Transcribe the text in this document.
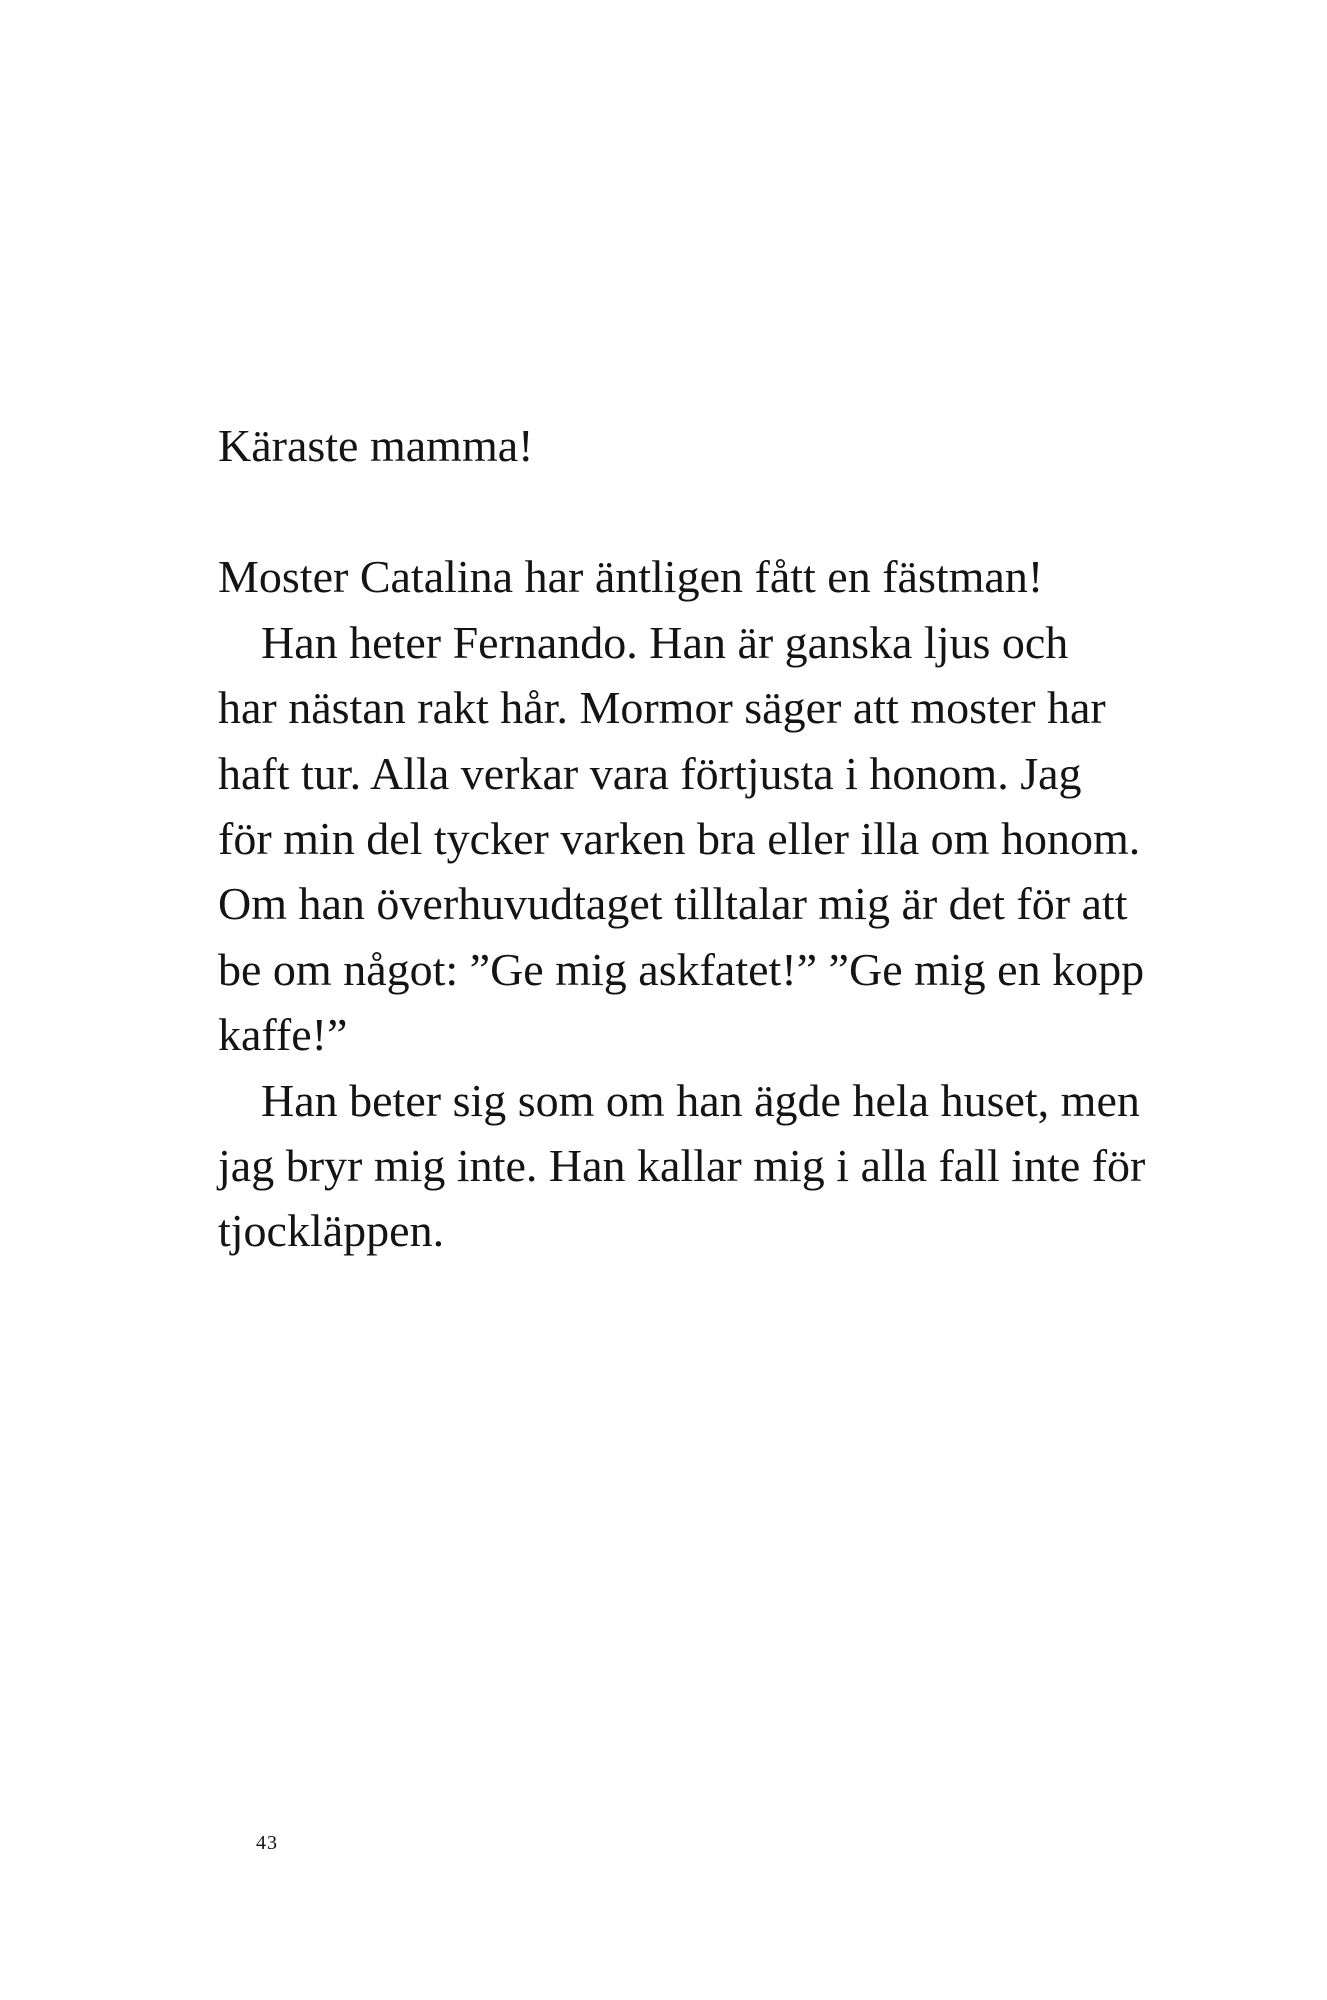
Käraste mamma!

Moster Catalina har äntligen fått en fästman!

Han heter Fernando. Han är ganska ljus och
har nästan rakt hår. Mormor säger att moster har
haft tur. Alla verkar vara förtjusta i honom. Jag
för min del tycker varken bra eller illa om honom.
Om han överhuvudtaget tilltalar mig är det för att
be om något: ”Ge mig askfatet!” ”Ge mig en kopp
kaffe!”

Han beter sig som om han ägde hela huset, men
jag bryr mig inte. Han kallar mig i alla fall inte för
tjockläppen.

43
